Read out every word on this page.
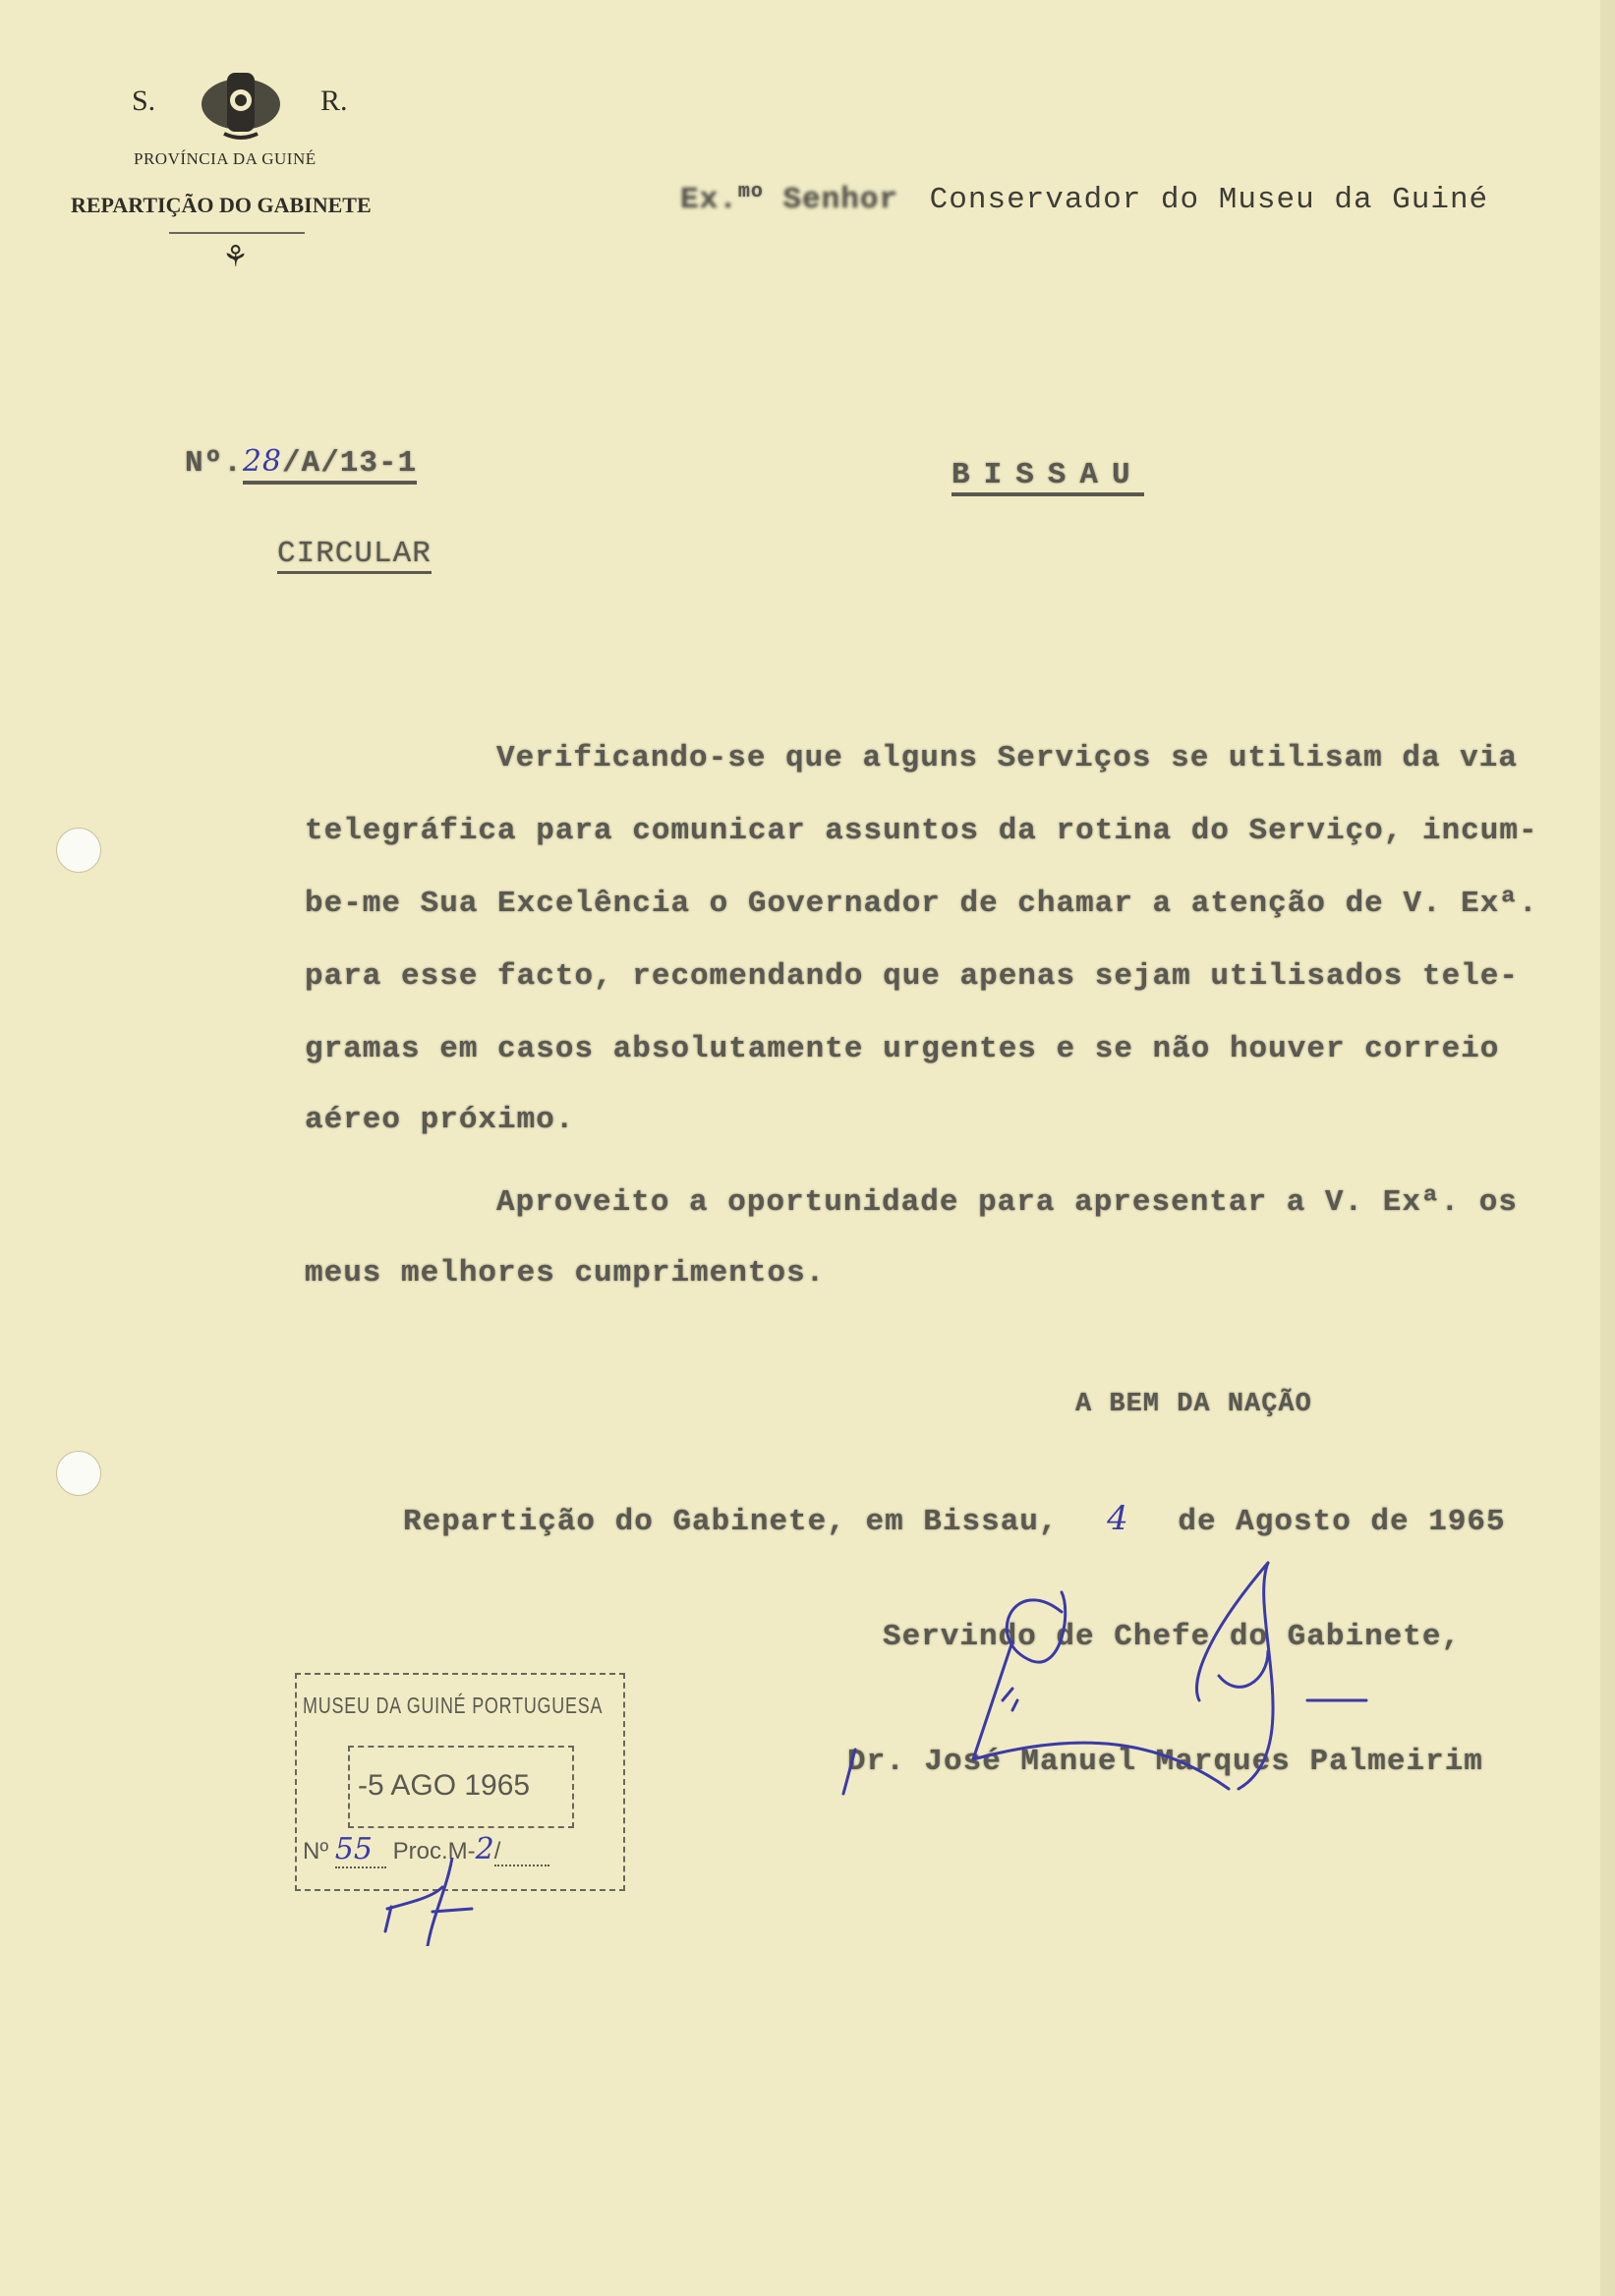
S.	R.
PROVÍNCIA DA GUINÉ
REPARTIÇÃO DO GABINETE
⚘
Ex.$^{mo}$ Senhor Conservador do Museu da Guiné
Nº.28/A/13-1	BISSAU
CIRCULAR
Verificando-se que alguns Serviços se utilisam da via
telegráfica para comunicar assuntos da rotina do Serviço, incum-
be-me Sua Excelência o Governador de chamar a atenção de V. Exª.
para esse facto, recomendando que apenas sejam utilisados tele-
gramas em casos absolutamente urgentes e se não houver correio
aéreo próximo.
Aproveito a oportunidade para apresentar a V. Exª. os
meus melhores cumprimentos.
A BEM DA NAÇÃO
Repartição do Gabinete, em Bissau, 4 de Agosto de 1965
Servindo de Chefe do Gabinete,
Dr. José Manuel Marques Palmeirim
MUSEU DA GUINÉ PORTUGUESA
-5 AGO 1965
Nº 55 Proc.M-2/
